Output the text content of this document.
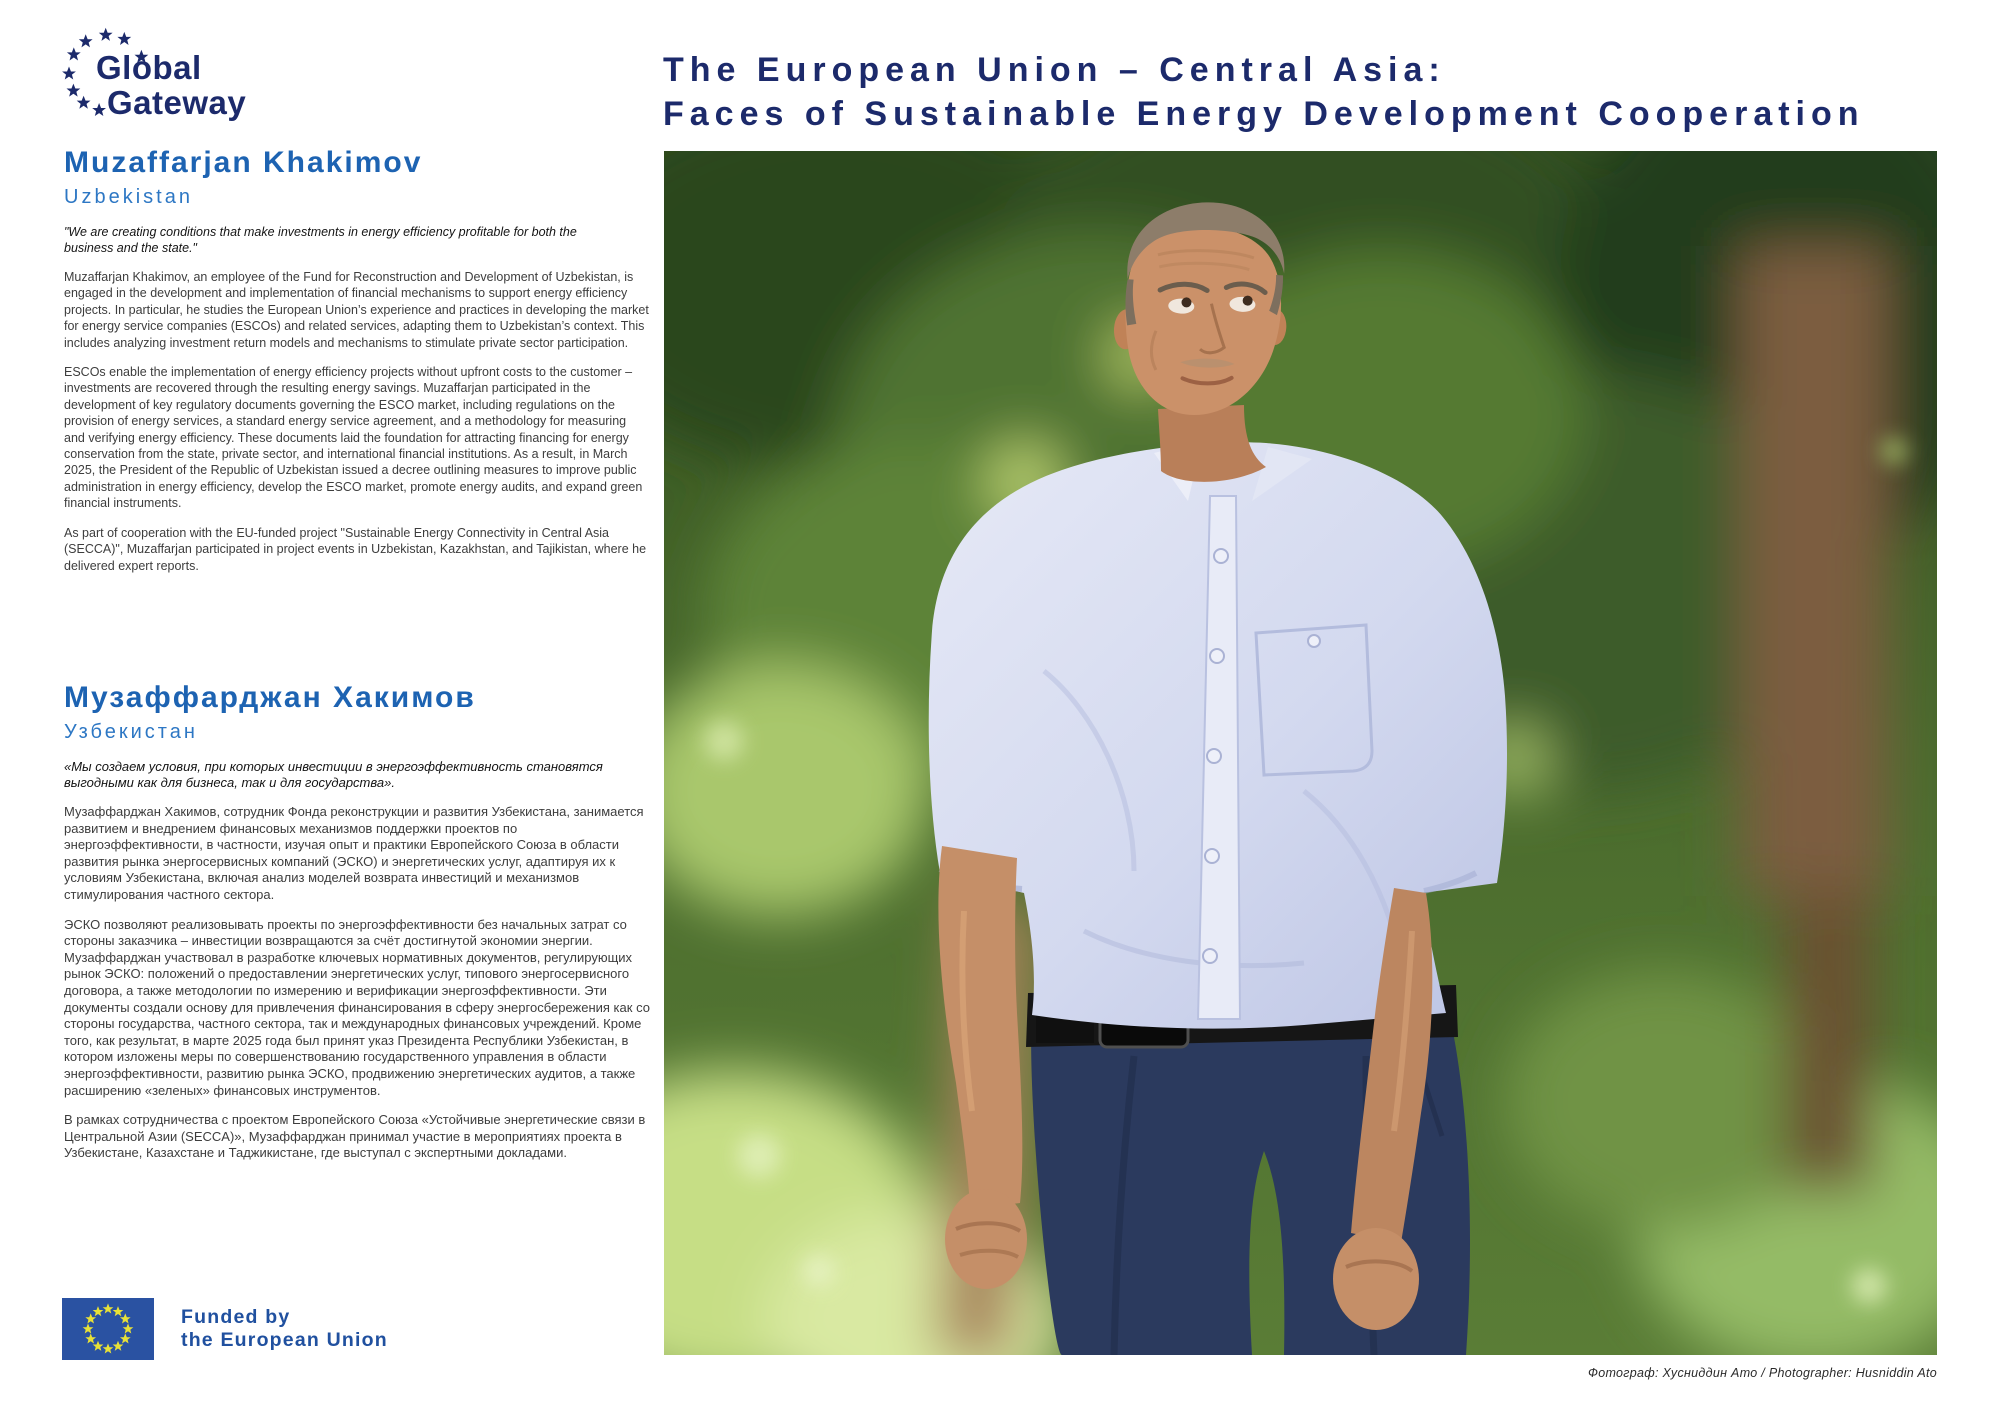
Global
Gateway
The European Union – Central Asia:
Faces of Sustainable Energy Development Cooperation
Muzaffarjan Khakimov
Uzbekistan

"We are creating conditions that make investments in energy efficiency profitable for both the business and the state."

Muzaffarjan Khakimov, an employee of the Fund for Reconstruction and Development of Uzbekistan, is engaged in the development and implementation of financial mechanisms to support energy efficiency projects. In particular, he studies the European Union’s experience and practices in developing the market for energy service companies (ESCOs) and related services, adapting them to Uzbekistan’s context. This includes analyzing investment return models and mechanisms to stimulate private sector participation.

ESCOs enable the implementation of energy efficiency projects without upfront costs to the customer – investments are recovered through the resulting energy savings. Muzaffarjan participated in the development of key regulatory documents governing the ESCO market, including regulations on the provision of energy services, a standard energy service agreement, and a methodology for measuring and verifying energy efficiency. These documents laid the foundation for attracting financing for energy conservation from the state, private sector, and international financial institutions. As a result, in March 2025, the President of the Republic of Uzbekistan issued a decree outlining measures to improve public administration in energy efficiency, develop the ESCO market, promote energy audits, and expand green financial instruments.

As part of cooperation with the EU-funded project "Sustainable Energy Connectivity in Central Asia (SECCA)", Muzaffarjan participated in project events in Uzbekistan, Kazakhstan, and Tajikistan, where he delivered expert reports.

Музаффарджан Хакимов
Узбекистан

«Мы создаем условия, при которых инвестиции в энергоэффективность становятся выгодными как для бизнеса, так и для государства».

Музаффарджан Хакимов, сотрудник Фонда реконструкции и развития Узбекистана, занимается развитием и внедрением финансовых механизмов поддержки проектов по энергоэффективности, в частности, изучая опыт и практики Европейского Союза в области развития рынка энергосервисных компаний (ЭСКО) и энергетических услуг, адаптируя их к условиям Узбекистана, включая анализ моделей возврата инвестиций и механизмов стимулирования частного сектора.

ЭСКО позволяют реализовывать проекты по энергоэффективности без начальных затрат со стороны заказчика – инвестиции возвращаются за счёт достигнутой экономии энергии. Музаффарджан участвовал в разработке ключевых нормативных документов, регулирующих рынок ЭСКО: положений о предоставлении энергетических услуг, типового энергосервисного договора, а также методологии по измерению и верификации энергоэффективности. Эти документы создали основу для привлечения финансирования в сферу энергосбережения как со стороны государства, частного сектора, так и международных финансовых учреждений. Кроме того, как результат, в марте 2025 года был принят указ Президента Республики Узбекистан, в котором изложены меры по совершенствованию государственного управления в области энергоэффективности, развитию рынка ЭСКО, продвижению энергетических аудитов, а также расширению «зеленых» финансовых инструментов.

В рамках сотрудничества с проектом Европейского Союза «Устойчивые энергетические связи в Центральной Азии (SECCA)», Музаффарджан принимал участие в мероприятиях проекта в Узбекистане, Казахстане и Таджикистане, где выступал с экспертными докладами.

Фотограф: Хусниддин Ато / Photographer: Husniddin Ato
Funded by
the European Union
